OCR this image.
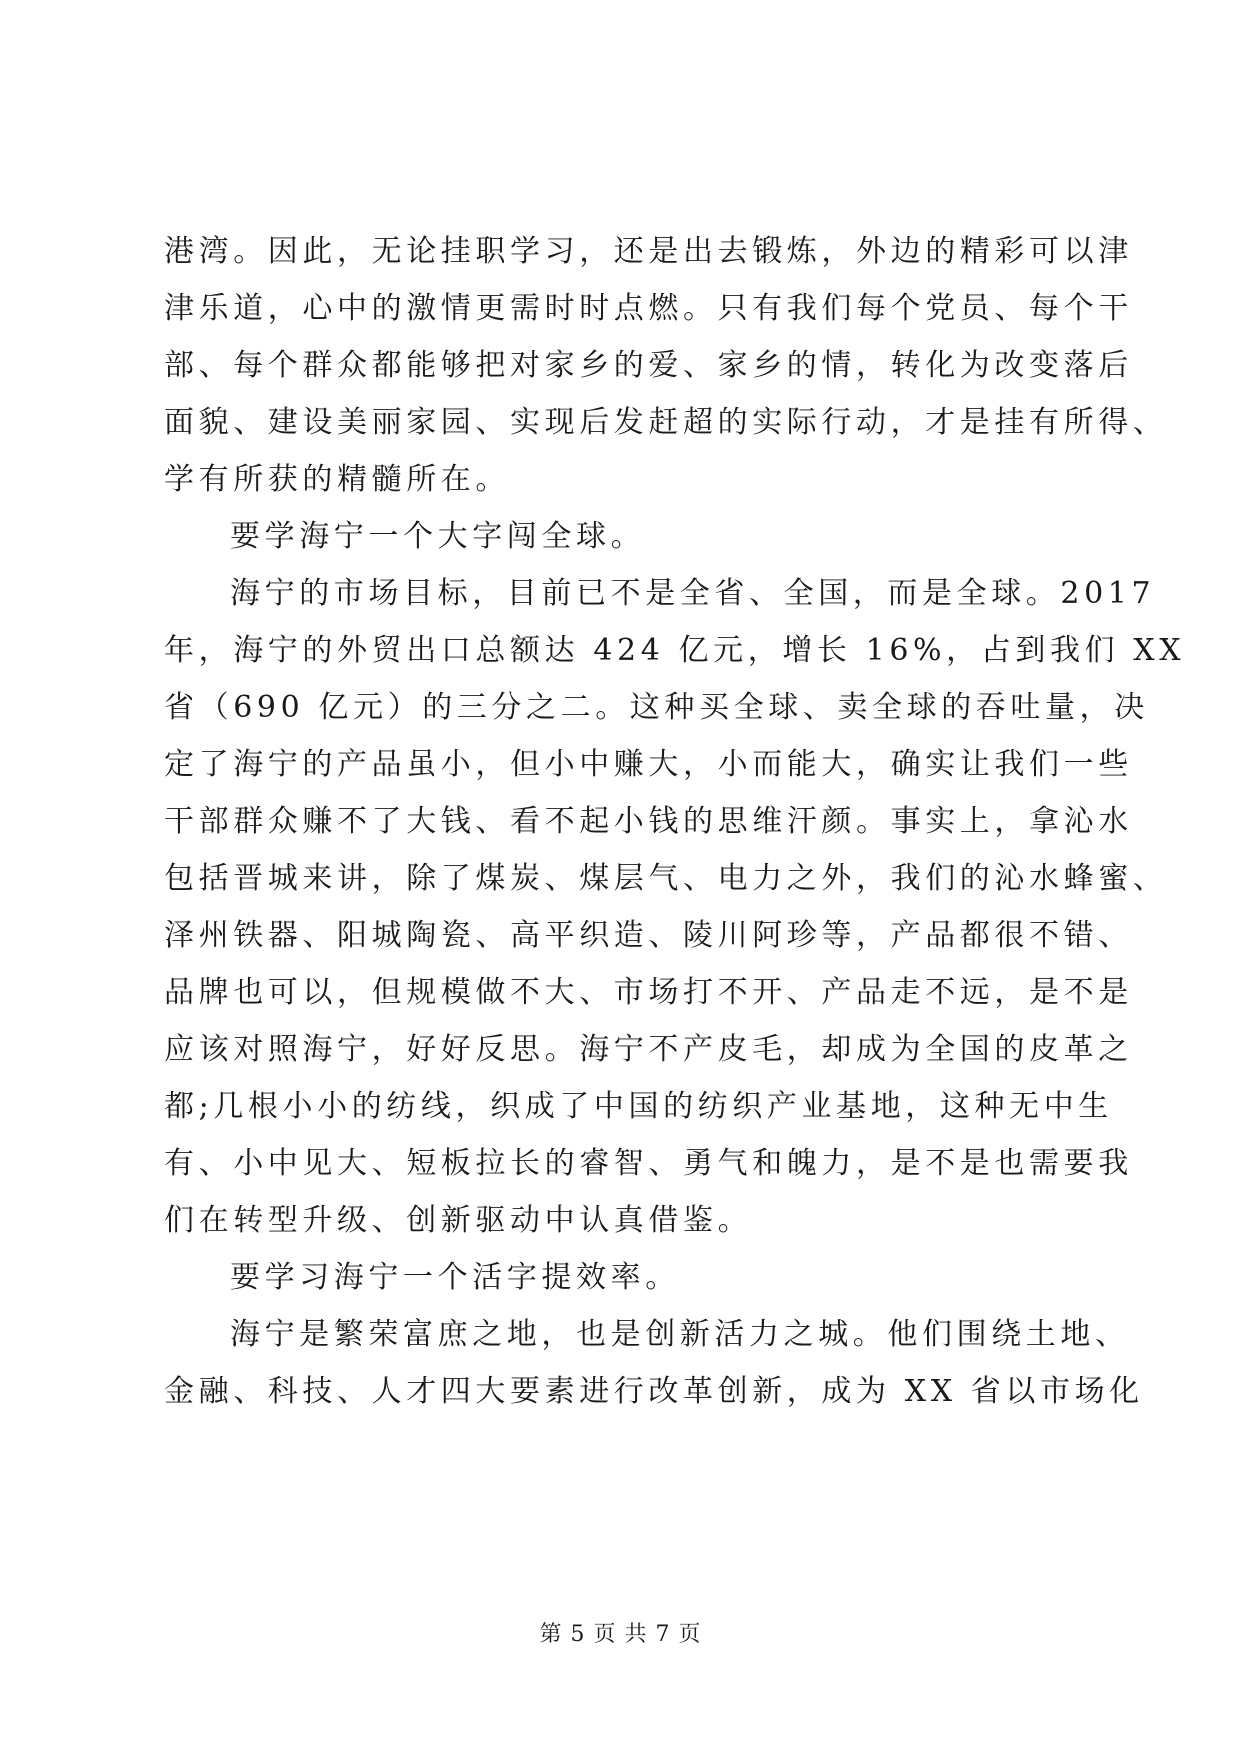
港湾。因此，无论挂职学习，还是出去锻炼，外边的精彩可以津
津乐道，心中的激情更需时时点燃。只有我们每个党员、每个干
部、每个群众都能够把对家乡的爱、家乡的情，转化为改变落后
面貌、建设美丽家园、实现后发赶超的实际行动，才是挂有所得、
学有所获的精髓所在。
要学海宁一个大字闯全球。
海宁的市场目标，目前已不是全省、全国，而是全球。2017
年，海宁的外贸出口总额达 424 亿元，增长 16%，占到我们 XX
省（690 亿元）的三分之二。这种买全球、卖全球的吞吐量，决
定了海宁的产品虽小，但小中赚大，小而能大，确实让我们一些
干部群众赚不了大钱、看不起小钱的思维汗颜。事实上，拿沁水
包括晋城来讲，除了煤炭、煤层气、电力之外，我们的沁水蜂蜜、
泽州铁器、阳城陶瓷、高平织造、陵川阿珍等，产品都很不错、
品牌也可以，但规模做不大、市场打不开、产品走不远，是不是
应该对照海宁，好好反思。海宁不产皮毛，却成为全国的皮革之
都;几根小小的纺线，织成了中国的纺织产业基地，这种无中生
有、小中见大、短板拉长的睿智、勇气和魄力，是不是也需要我
们在转型升级、创新驱动中认真借鉴。
要学习海宁一个活字提效率。
海宁是繁荣富庶之地，也是创新活力之城。他们围绕土地、
金融、科技、人才四大要素进行改革创新，成为 XX 省以市场化
第 5 页 共 7 页
